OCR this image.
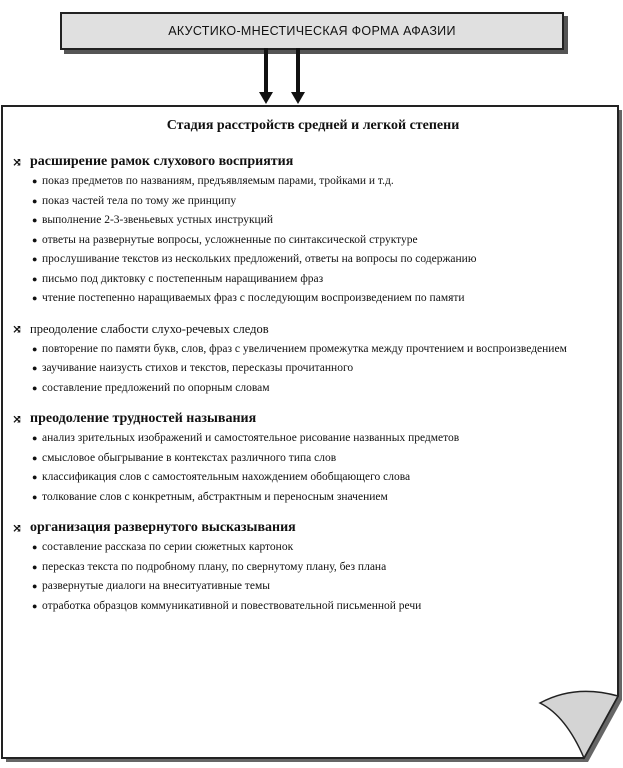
АКУСТИКО-МНЕСТИЧЕСКАЯ ФОРМА АФАЗИИ
Стадия расстройств средней и легкой степени
⤨ расширение рамок слухового восприятия
● показ предметов по названиям, предъявляемым парами, тройками и т.д.
● показ частей тела по тому же принципу
● выполнение 2-3-звеньевых устных инструкций
● ответы на развернутые вопросы, усложненные по синтаксической структуре
● прослушивание текстов из нескольких предложений, ответы на вопросы по содержанию
● письмо под диктовку с постепенным наращиванием фраз
● чтение постепенно наращиваемых фраз с последующим воспроизведением по памяти
⤨ преодоление слабости слухо-речевых следов
● повторение по памяти букв, слов, фраз с увеличением промежутка между прочтением и воспроизведением
● заучивание наизусть стихов и текстов, пересказы прочитанного
● составление предложений по опорным словам
⤨ преодоление трудностей называния
● анализ зрительных изображений и самостоятельное рисование названных предметов
● смысловое обыгрывание в контекстах различного типа слов
● классификация слов с самостоятельным нахождением обобщающего слова
● толкование слов с конкретным, абстрактным и переносным значением
⤨ организация развернутого высказывания
● составление рассказа по серии сюжетных картонок
● пересказ текста по подробному плану, по свернутому плану, без плана
● развернутые диалоги на внеситуативные темы
● отработка образцов коммуникативной и повествовательной письменной речи
